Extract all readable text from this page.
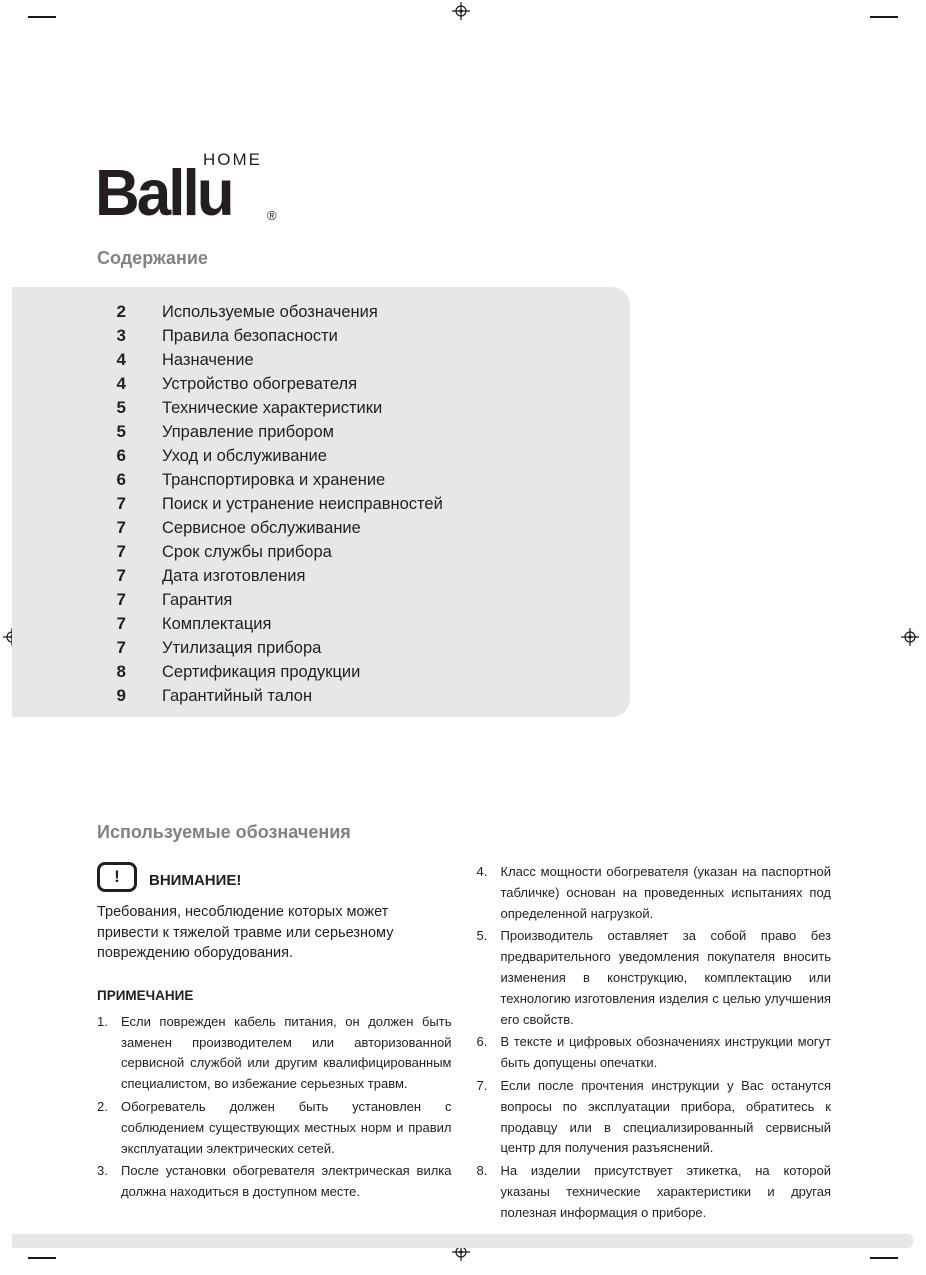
HOME
Ballu	®
Содержание
2 Используемые обозначения
3 Правила безопасности
4 Назначение
4 Устройство обогревателя
5 Технические характеристики
5 Управление прибором
6 Уход и обслуживание
6 Транспортировка и хранение
7 Поиск и устранение неисправностей
7 Сервисное обслуживание
7 Срок службы прибора
7 Дата изготовления
7 Гарантия
7 Комплектация
7 Утилизация прибора
8 Сертификация продукции
9 Гарантийный талон
Используемые обозначения
!	ВНИМАНИЕ!
Требования, несоблюдение которых может привести к тяжелой травме или серьезному повреждению оборудования.
ПРИМЕЧАНИЕ
1.	Если поврежден кабель питания, он должен быть заменен производителем или авторизованной сервисной службой или другим квалифицированным специалистом, во избежание серьезных травм.
2.	Обогреватель должен быть установлен с соблюдением существующих местных норм и правил эксплуатации электрических сетей.
3.	После установки обогревателя электрическая вилка должна находиться в доступном месте.
4.	Класс мощности обогревателя (указан на паспортной табличке) основан на проведенных испытаниях под определенной нагрузкой.
5.	Производитель оставляет за собой право без предварительного уведомления покупателя вносить изменения в конструкцию, комплектацию или технологию изготовления изделия с целью улучшения его свойств.
6.	В тексте и цифровых обозначениях инструкции могут быть допущены опечатки.
7.	Если после прочтения инструкции у Вас останутся вопросы по эксплуатации прибора, обратитесь к продавцу или в специализированный сервисный центр для получения разъяснений.
8.	На изделии присутствует этикетка, на которой указаны технические характеристики и другая полезная информация о приборе.
